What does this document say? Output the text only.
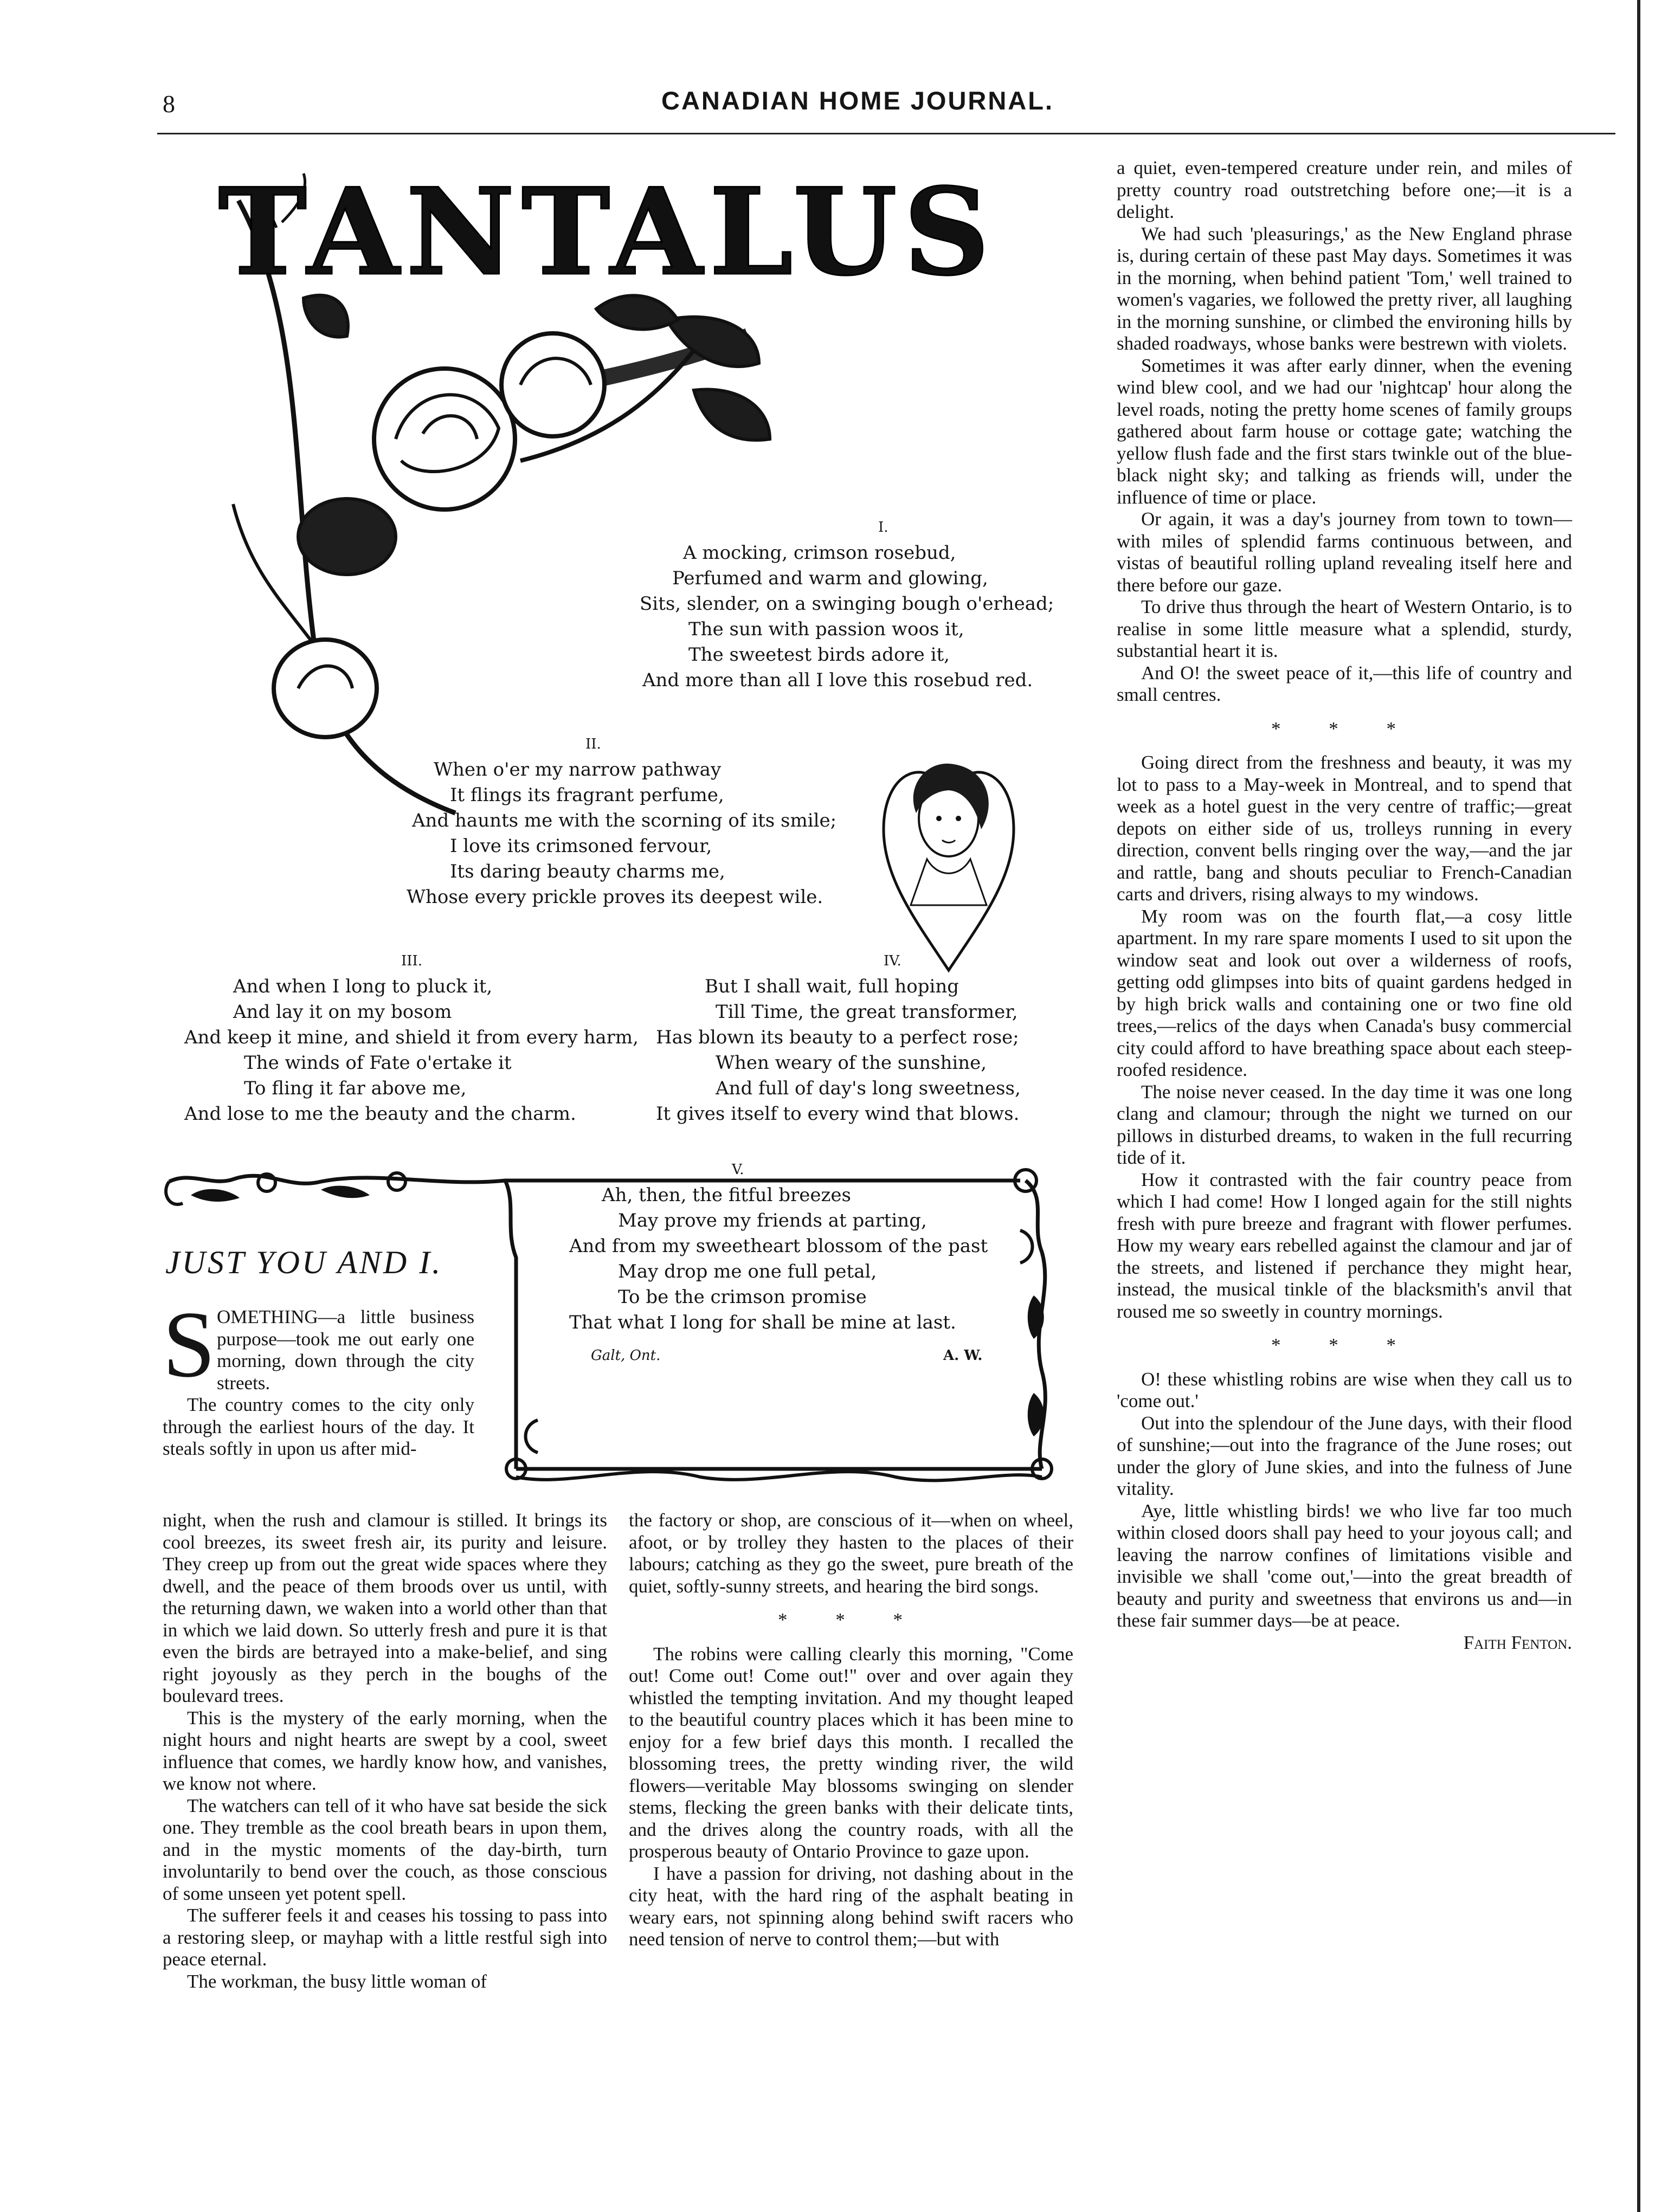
8	CANADIAN HOME JOURNAL.
TANTALUS
I.
A mocking, crimson rosebud,
Perfumed and warm and glowing,
Sits, slender, on a swinging bough o'erhead;
The sun with passion woos it,
The sweetest birds adore it,
And more than all I love this rosebud red.
II.
When o'er my narrow pathway
It flings its fragrant perfume,
And haunts me with the scorning of its smile;
I love its crimsoned fervour,
Its daring beauty charms me,
Whose every prickle proves its deepest wile.
III.
And when I long to pluck it,
And lay it on my bosom
And keep it mine, and shield it from every harm,
The winds of Fate o'ertake it
To fling it far above me,
And lose to me the beauty and the charm.
IV.
But I shall wait, full hoping
Till Time, the great transformer,
Has blown its beauty to a perfect rose;
When weary of the sunshine,
And full of day's long sweetness,
It gives itself to every wind that blows.
V.
Ah, then, the fitful breezes
May prove my friends at parting,
And from my sweetheart blossom of the past
May drop me one full petal,
To be the crimson promise
That what I long for shall be mine at last.
Galt, Ont.	A. W.
JUST YOU AND I.
S OMETHING—a little business purpose—took me out early one morning, down through the city streets.

The country comes to the city only through the earliest hours of the day. It steals softly in upon us after mid-

night, when the rush and clamour is stilled. It brings its cool breezes, its sweet fresh air, its purity and leisure. They creep up from out the great wide spaces where they dwell, and the peace of them broods over us until, with the returning dawn, we waken into a world other than that in which we laid down. So utterly fresh and pure it is that even the birds are betrayed into a make-belief, and sing right joyously as they perch in the boughs of the boulevard trees.

This is the mystery of the early morning, when the night hours and night hearts are swept by a cool, sweet influence that comes, we hardly know how, and vanishes, we know not where.

The watchers can tell of it who have sat beside the sick one. They tremble as the cool breath bears in upon them, and in the mystic moments of the day-birth, turn involuntarily to bend over the couch, as those conscious of some unseen yet potent spell.

The sufferer feels it and ceases his tossing to pass into a restoring sleep, or mayhap with a little restful sigh into peace eternal.

The workman, the busy little woman of

the factory or shop, are conscious of it—when on wheel, afoot, or by trolley they hasten to the places of their labours; catching as they go the sweet, pure breath of the quiet, softly-sunny streets, and hearing the bird songs.

* * *

The robins were calling clearly this morning, "Come out! Come out! Come out!" over and over again they whistled the tempting invitation. And my thought leaped to the beautiful country places which it has been mine to enjoy for a few brief days this month. I recalled the blossoming trees, the pretty winding river, the wild flowers—veritable May blossoms swinging on slender stems, flecking the green banks with their delicate tints, and the drives along the country roads, with all the prosperous beauty of Ontario Province to gaze upon.

I have a passion for driving, not dashing about in the city heat, with the hard ring of the asphalt beating in weary ears, not spinning along behind swift racers who need tension of nerve to control them;—but with

a quiet, even-tempered creature under rein, and miles of pretty country road outstretching before one;—it is a delight.

We had such 'pleasurings,' as the New England phrase is, during certain of these past May days. Sometimes it was in the morning, when behind patient 'Tom,' well trained to women's vagaries, we followed the pretty river, all laughing in the morning sunshine, or climbed the environing hills by shaded roadways, whose banks were bestrewn with violets.

Sometimes it was after early dinner, when the evening wind blew cool, and we had our 'nightcap' hour along the level roads, noting the pretty home scenes of family groups gathered about farm house or cottage gate; watching the yellow flush fade and the first stars twinkle out of the blue-black night sky; and talking as friends will, under the influence of time or place.

Or again, it was a day's journey from town to town—with miles of splendid farms continuous between, and vistas of beautiful rolling upland revealing itself here and there before our gaze.

To drive thus through the heart of Western Ontario, is to realise in some little measure what a splendid, sturdy, substantial heart it is.

And O! the sweet peace of it,—this life of country and small centres.

* * *

Going direct from the freshness and beauty, it was my lot to pass to a May-week in Montreal, and to spend that week as a hotel guest in the very centre of traffic;—great depots on either side of us, trolleys running in every direction, convent bells ringing over the way,—and the jar and rattle, bang and shouts peculiar to French-Canadian carts and drivers, rising always to my windows.

My room was on the fourth flat,—a cosy little apartment. In my rare spare moments I used to sit upon the window seat and look out over a wilderness of roofs, getting odd glimpses into bits of quaint gardens hedged in by high brick walls and containing one or two fine old trees,—relics of the days when Canada's busy commercial city could afford to have breathing space about each steep-roofed residence.

The noise never ceased. In the day time it was one long clang and clamour; through the night we turned on our pillows in disturbed dreams, to waken in the full recurring tide of it.

How it contrasted with the fair country peace from which I had come! How I longed again for the still nights fresh with pure breeze and fragrant with flower perfumes. How my weary ears rebelled against the clamour and jar of the streets, and listened if perchance they might hear, instead, the musical tinkle of the blacksmith's anvil that roused me so sweetly in country mornings.

* * *

O! these whistling robins are wise when they call us to 'come out.'

Out into the splendour of the June days, with their flood of sunshine;—out into the fragrance of the June roses; out under the glory of June skies, and into the fulness of June vitality.

Aye, little whistling birds! we who live far too much within closed doors shall pay heed to your joyous call; and leaving the narrow confines of limitations visible and invisible we shall 'come out,'—into the great breadth of beauty and purity and sweetness that environs us and—in these fair summer days—be at peace.

Faith Fenton.
